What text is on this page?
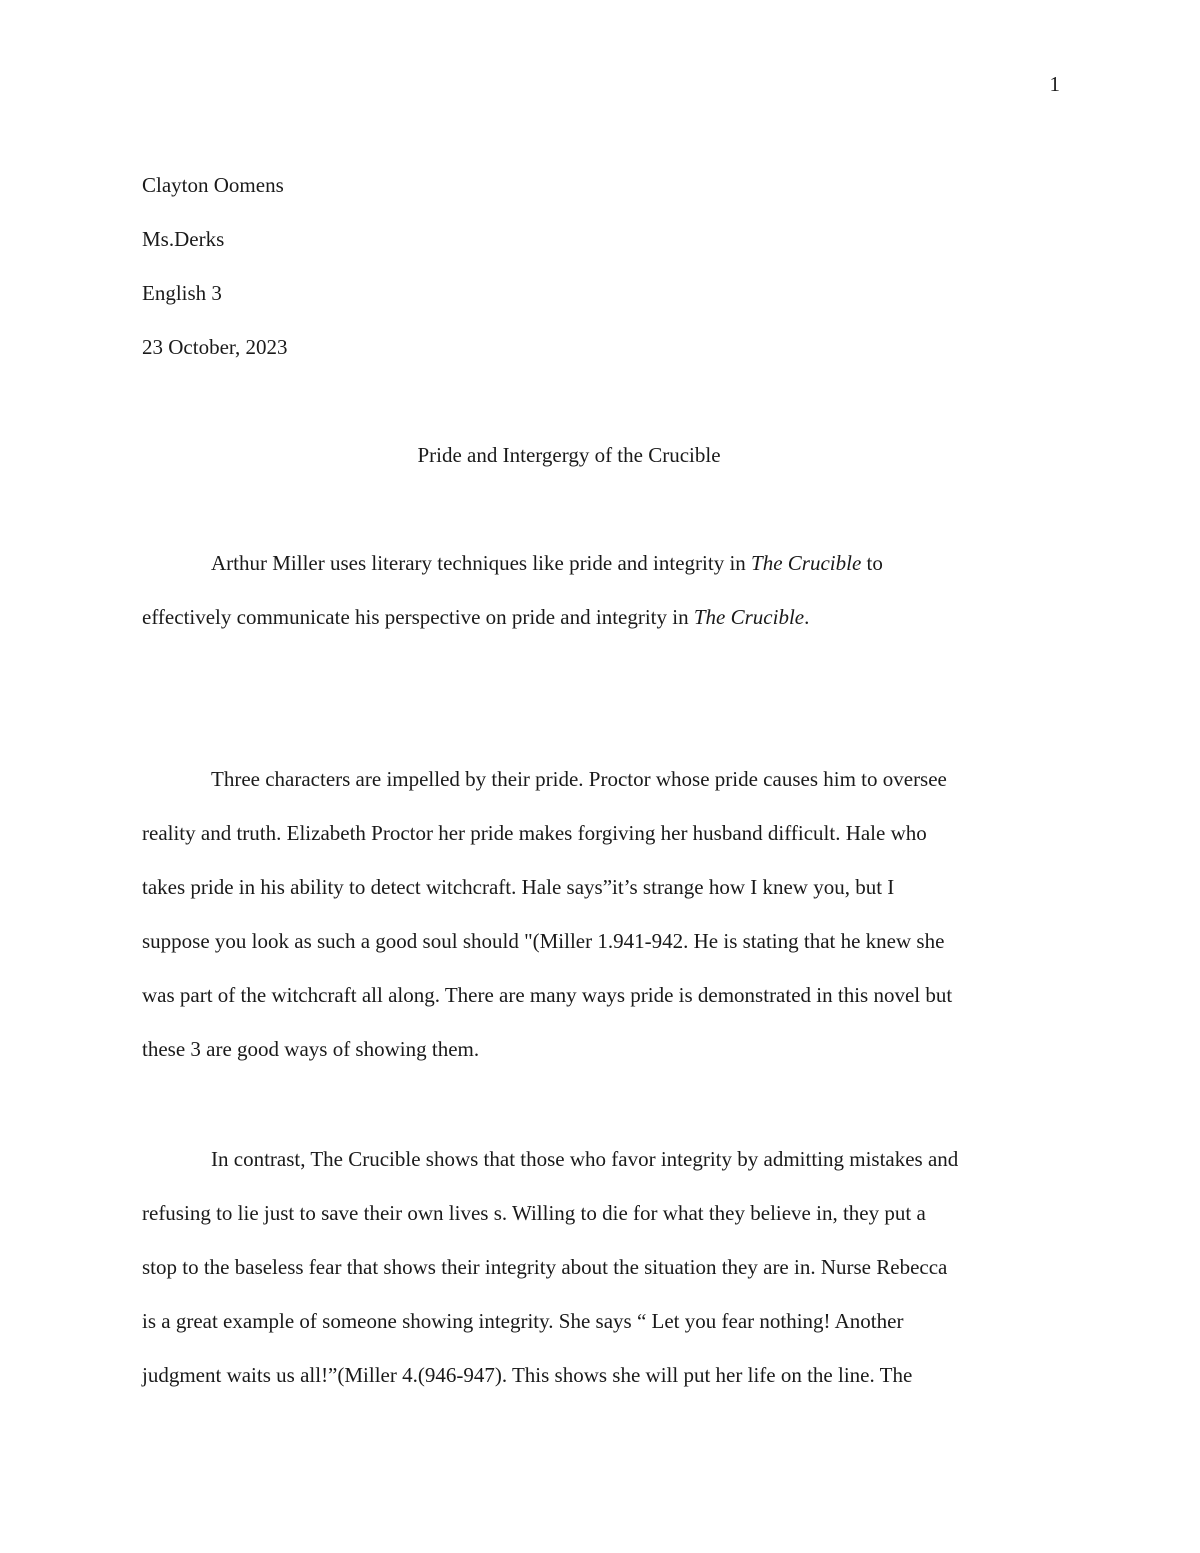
1
Clayton Oomens
Ms.Derks
English 3
23 October, 2023
Pride and Intergergy of the Crucible
Arthur Miller uses literary techniques like pride and integrity in The Crucible to
effectively communicate his perspective on pride and integrity in The Crucible.
Three characters are impelled by their pride. Proctor whose pride causes him to oversee
reality and truth. Elizabeth Proctor her pride makes forgiving her husband difficult. Hale who
takes pride in his ability to detect witchcraft. Hale says”it’s strange how I knew you, but I
suppose you look as such a good soul should "(Miller 1.941-942. He is stating that he knew she
was part of the witchcraft all along. There are many ways pride is demonstrated in this novel but
these 3 are good ways of showing them.
In contrast, The Crucible shows that those who favor integrity by admitting mistakes and
refusing to lie just to save their own lives s. Willing to die for what they believe in, they put a
stop to the baseless fear that shows their integrity about the situation they are in. Nurse Rebecca
is a great example of someone showing integrity. She says “ Let you fear nothing! Another
judgment waits us all!”(Miller 4.(946-947). This shows she will put her life on the line. The
